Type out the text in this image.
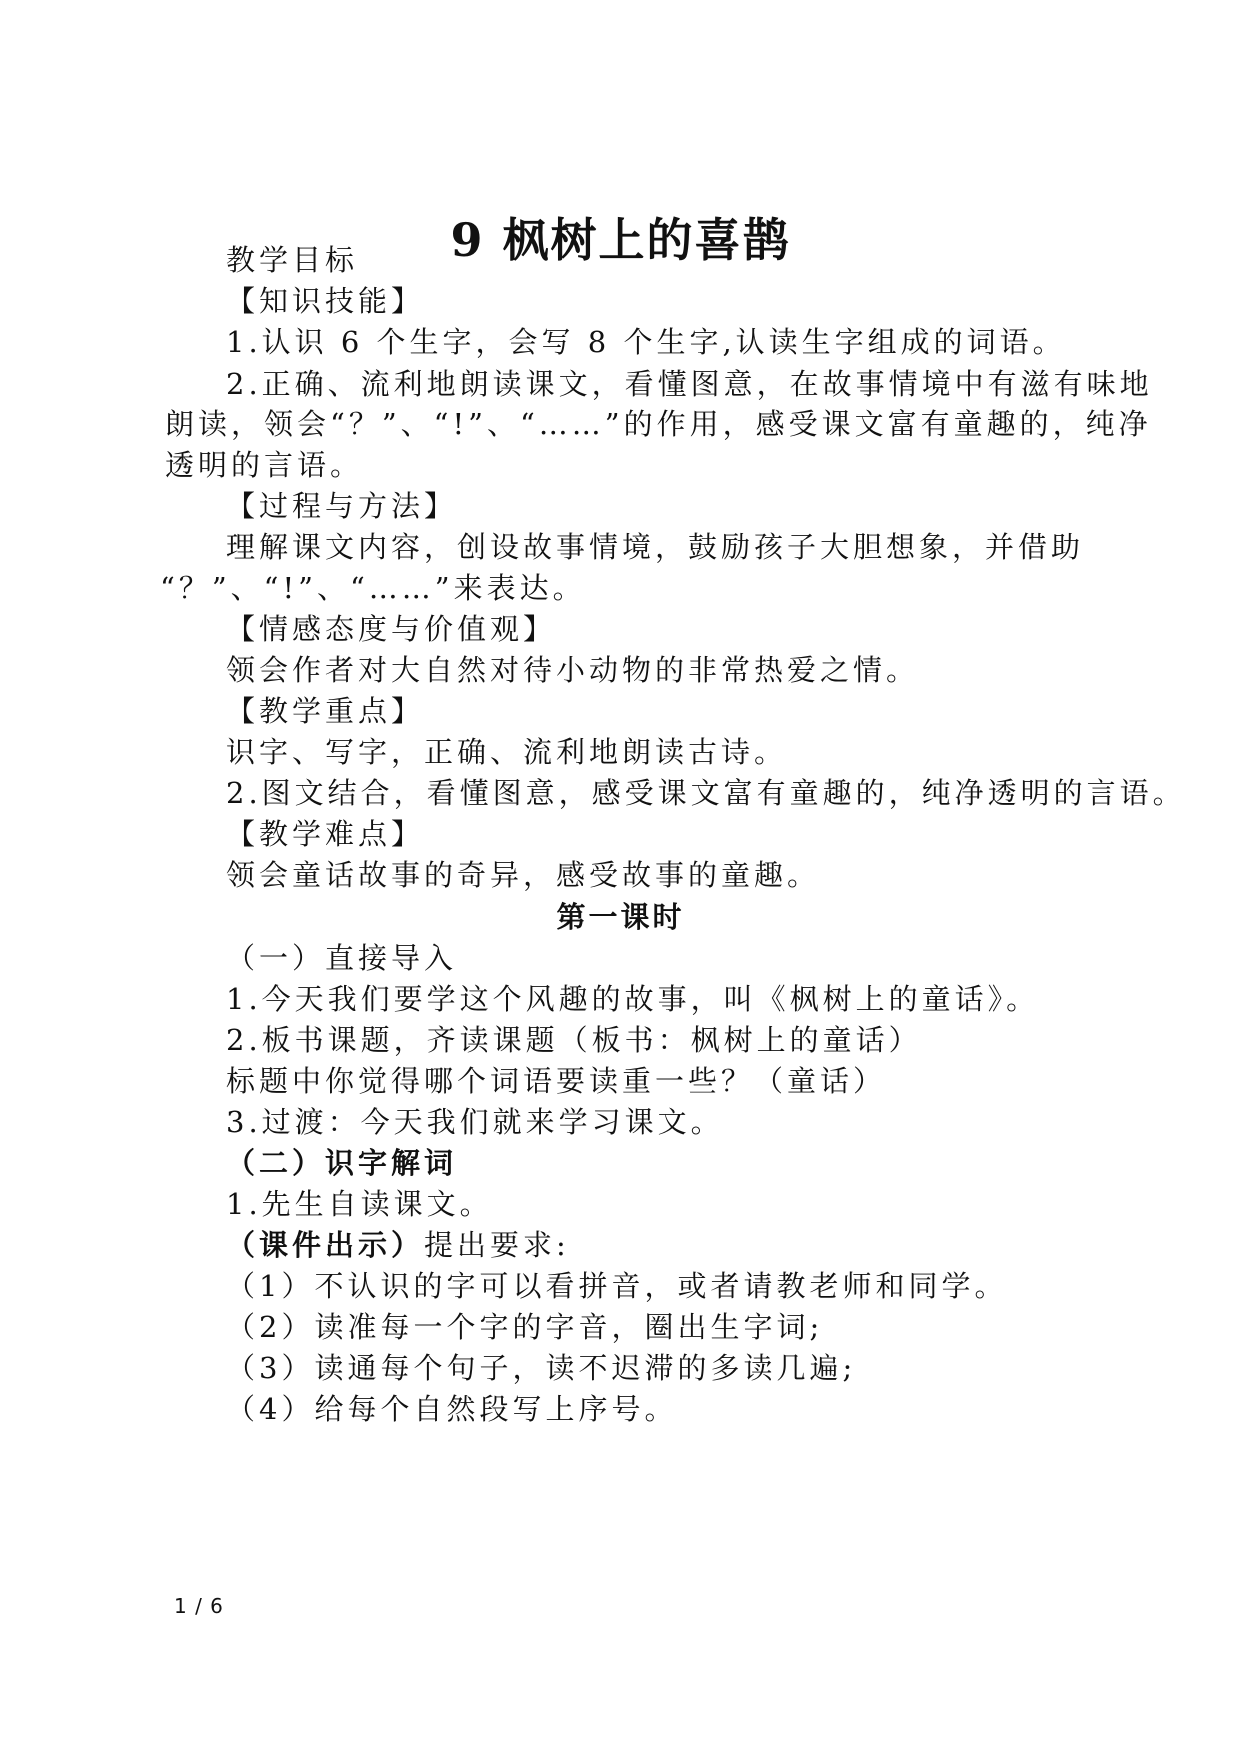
9 枫树上的喜鹊
教学目标
【知识技能】
1.认识 6 个生字，会写 8 个生字,认读生字组成的词语。
2.正确、流利地朗读课文，看懂图意，在故事情境中有滋有味地
朗读，领会“？”、“!”、“……”的作用，感受课文富有童趣的，纯净
透明的言语。
【过程与方法】
理解课文内容，创设故事情境，鼓励孩子大胆想象，并借助
“？”、“!”、“……”来表达。
【情感态度与价值观】
领会作者对大自然对待小动物的非常热爱之情。
【教学重点】
识字、写字，正确、流利地朗读古诗。
2.图文结合，看懂图意，感受课文富有童趣的，纯净透明的言语。
【教学难点】
领会童话故事的奇异，感受故事的童趣。
第一课时
（一）直接导入
1.今天我们要学这个风趣的故事，叫《枫树上的童话》。
2.板书课题，齐读课题（板书：枫树上的童话）
标题中你觉得哪个词语要读重一些？（童话）
3.过渡：今天我们就来学习课文。
（二）识字解词
1.先生自读课文。
（课件出示）提出要求:
（1）不认识的字可以看拼音，或者请教老师和同学。
（2）读准每一个字的字音，圈出生字词;
（3）读通每个句子，读不迟滞的多读几遍;
（4）给每个自然段写上序号。
1 / 6
